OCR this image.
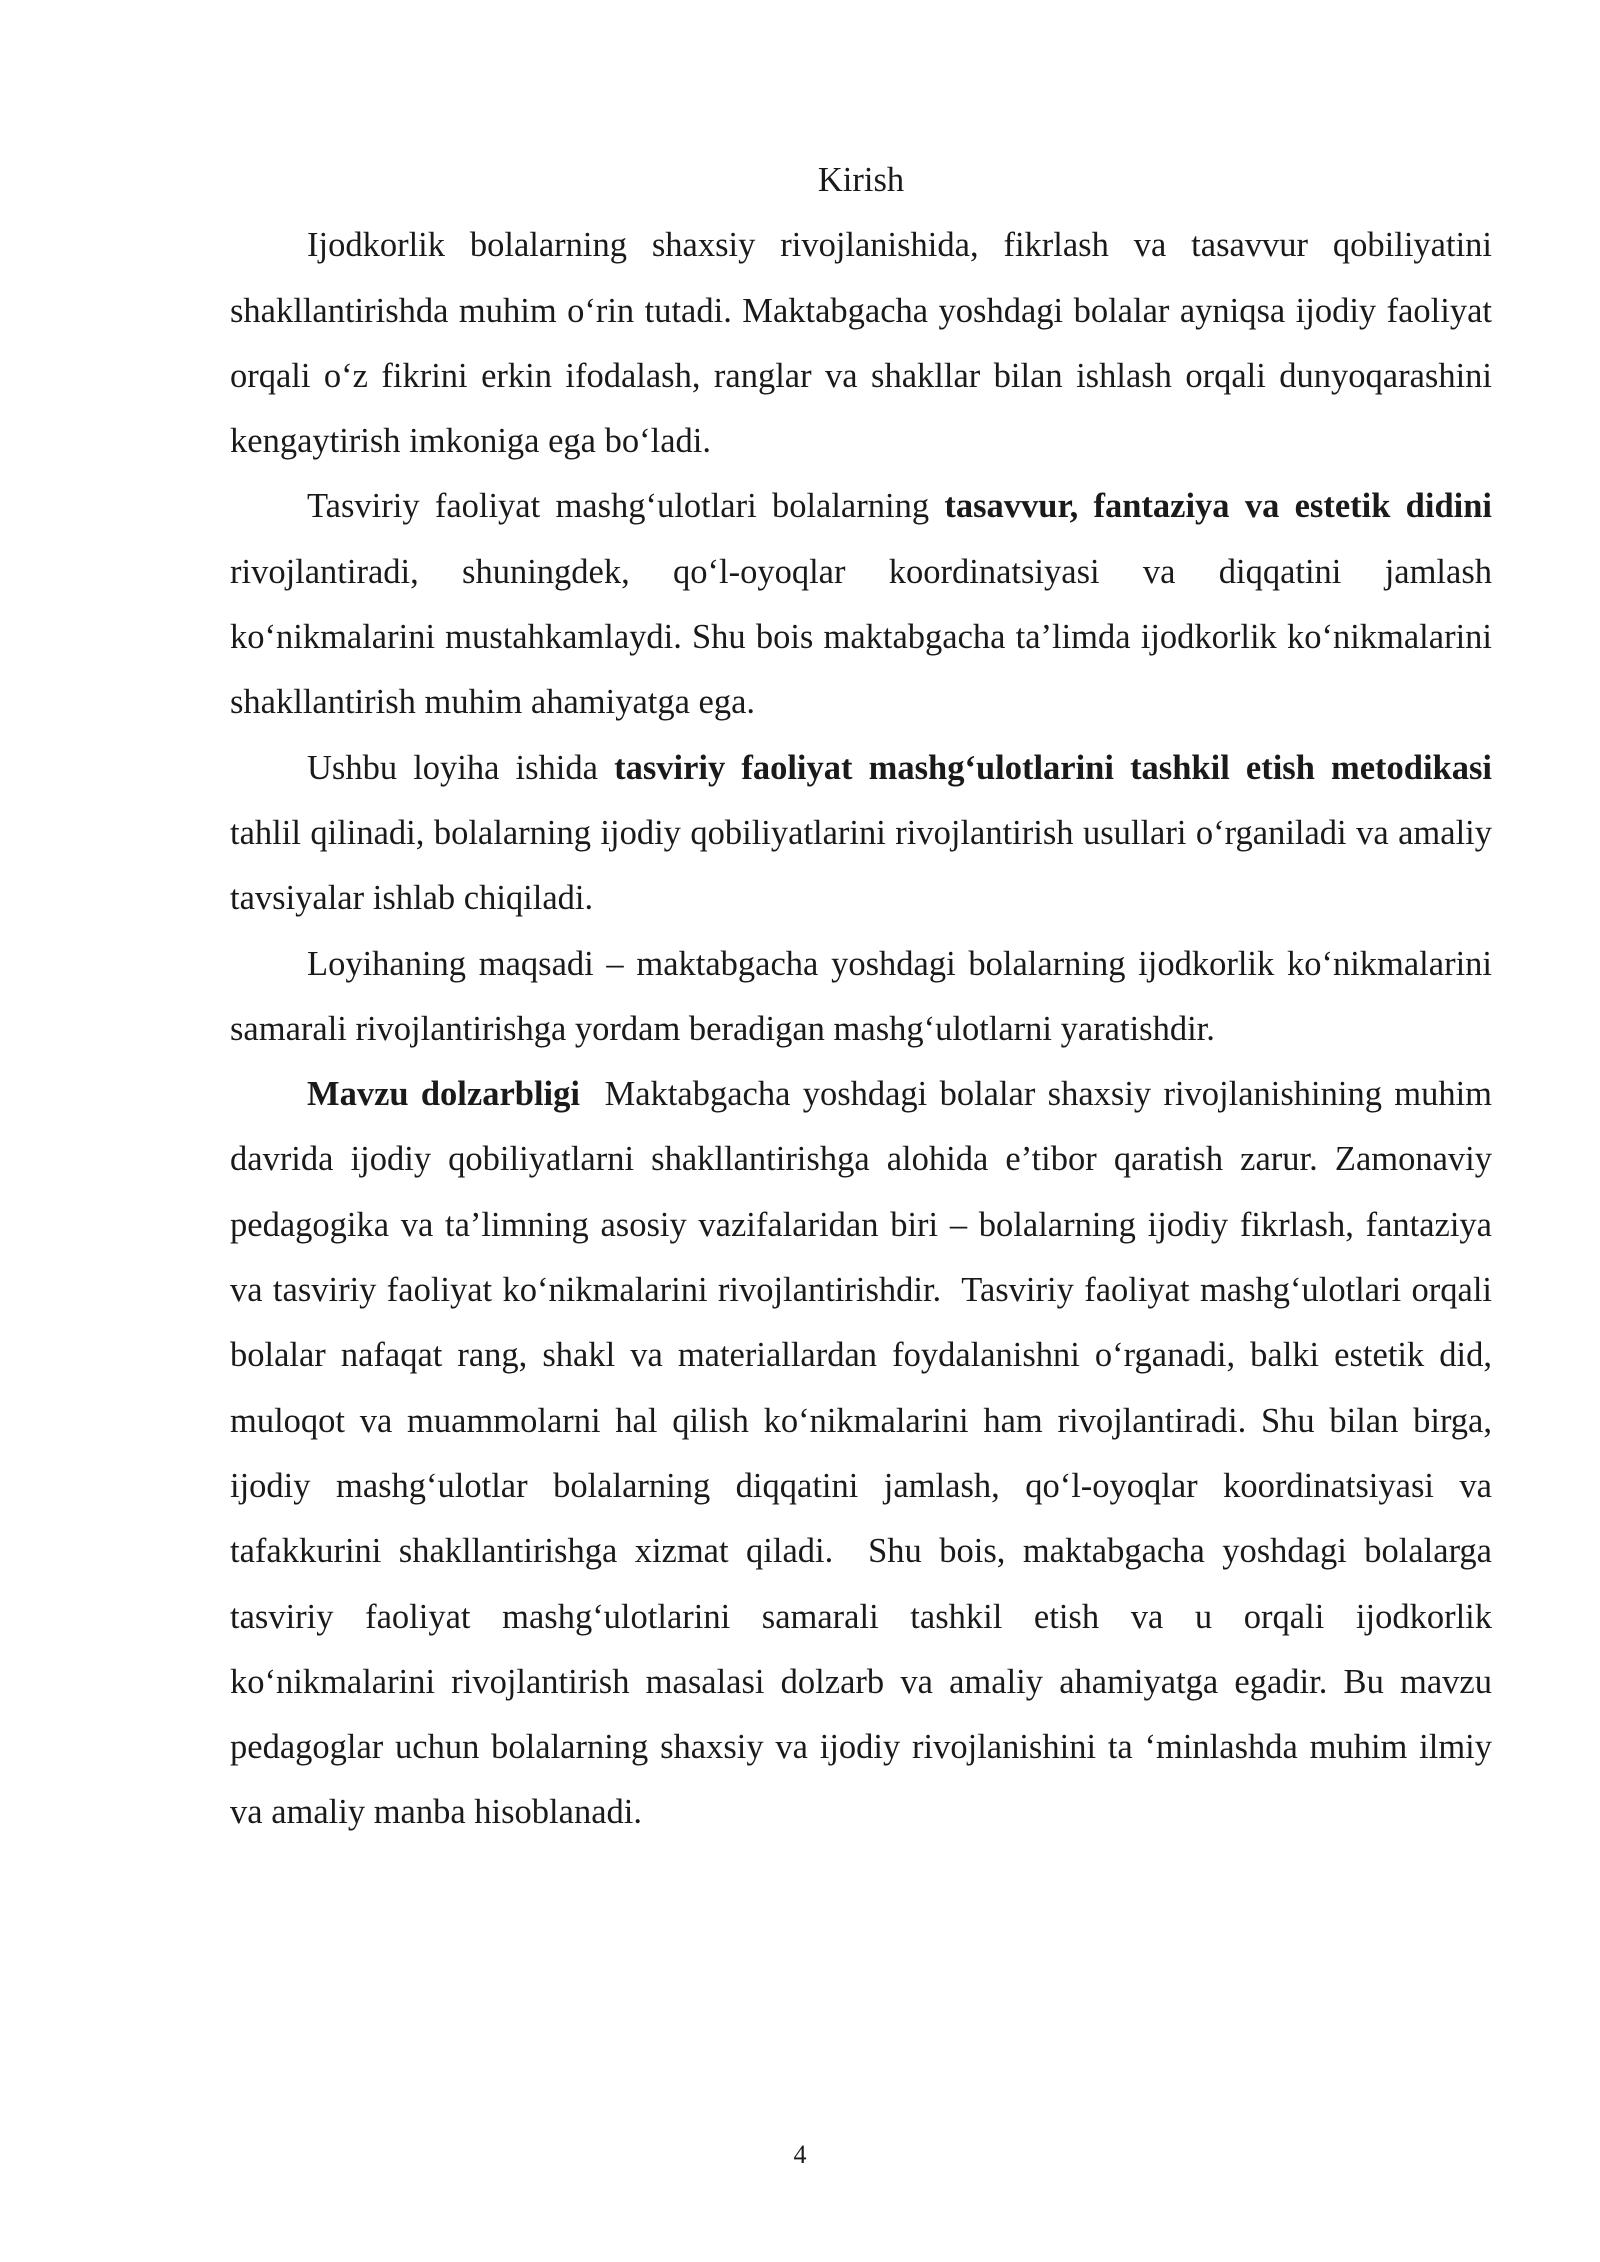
Kirish

Ijodkorlik bolalarning shaxsiy rivojlanishida, fikrlash va tasavvur qobiliyatini shakllantirishda muhim o‘rin tutadi. Maktabgacha yoshdagi bolalar ayniqsa ijodiy faoliyat orqali o‘z fikrini erkin ifodalash, ranglar va shakllar bilan ishlash orqali dunyoqarashini kengaytirish imkoniga ega bo‘ladi.

Tasviriy faoliyat mashg‘ulotlari bolalarning tasavvur, fantaziya va estetik didini rivojlantiradi, shuningdek, qo‘l-oyoqlar koordinatsiyasi va diqqatini jamlash ko‘nikmalarini mustahkamlaydi. Shu bois maktabgacha ta’limda ijodkorlik ko‘nikmalarini shakllantirish muhim ahamiyatga ega.

Ushbu loyiha ishida tasviriy faoliyat mashg‘ulotlarini tashkil etish metodikasi tahlil qilinadi, bolalarning ijodiy qobiliyatlarini rivojlantirish usullari o‘rganiladi va amaliy tavsiyalar ishlab chiqiladi.

Loyihaning maqsadi – maktabgacha yoshdagi bolalarning ijodkorlik ko‘nikmalarini samarali rivojlantirishga yordam beradigan mashg‘ulotlarni yaratishdir.

Mavzu dolzarbligi  Maktabgacha yoshdagi bolalar shaxsiy rivojlanishining muhim davrida ijodiy qobiliyatlarni shakllantirishga alohida e’tibor qaratish zarur. Zamonaviy pedagogika va ta’limning asosiy vazifalaridan biri – bolalarning ijodiy fikrlash, fantaziya va tasviriy faoliyat ko‘nikmalarini rivojlantirishdir.  Tasviriy faoliyat mashg‘ulotlari orqali bolalar nafaqat rang, shakl va materiallardan foydalanishni o‘rganadi, balki estetik did, muloqot va muammolarni hal qilish ko‘nikmalarini ham rivojlantiradi. Shu bilan birga, ijodiy mashg‘ulotlar bolalarning diqqatini jamlash, qo‘l-oyoqlar koordinatsiyasi va tafakkurini shakllantirishga xizmat qiladi.  Shu bois, maktabgacha yoshdagi bolalarga tasviriy faoliyat mashg‘ulotlarini samarali tashkil etish va u orqali ijodkorlik ko‘nikmalarini rivojlantirish masalasi dolzarb va amaliy ahamiyatga egadir. Bu mavzu pedagoglar uchun bolalarning shaxsiy va ijodiy rivojlanishini ta ‘minlashda muhim ilmiy va amaliy manba hisoblanadi.

4
